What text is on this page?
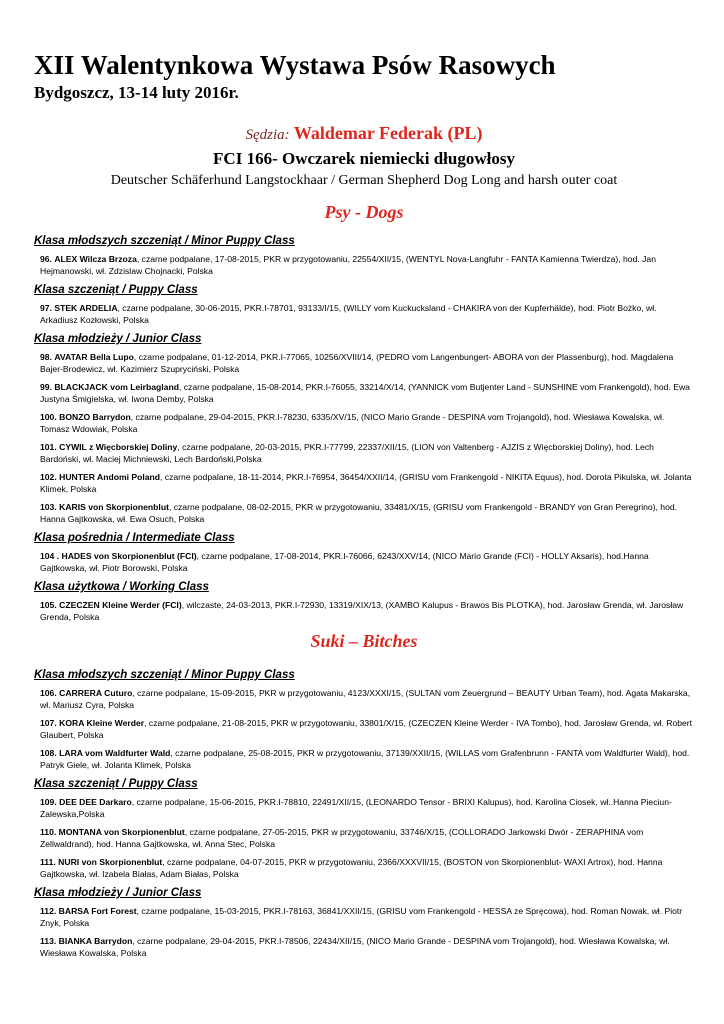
XII Walentynkowa Wystawa Psów Rasowych
Bydgoszcz, 13-14 luty 2016r.
Sędzia: Waldemar Federak (PL)
FCI 166- Owczarek niemiecki długowłosy
Deutscher Schäferhund Langstockhaar / German Shepherd Dog Long and harsh outer coat
Psy - Dogs
Klasa młodszych szczeniąt / Minor Puppy Class

96. ALEX Wilcza Brzoza, czarne podpalane, 17-08-2015, PKR w przygotowaniu, 22554/XII/15, (WENTYL Nova-Langfuhr - FANTA Kamienna Twierdza), hod. Jan Hejmanowski, wł. Zdzislaw Chojnacki, Polska

Klasa szczeniąt / Puppy Class

97. STEK ARDELIA, czarne podpalane, 30-06-2015, PKR.I-78701, 93133/I/15, (WILLY vom Kuckucksland - CHAKIRA von der Kupferhälde), hod. Piotr Bożko, wł. Arkadiusz Kozłowski, Polska

Klasa młodzieży / Junior Class

98. AVATAR Bella Lupo, czarne podpalane, 01-12-2014, PKR.I-77065, 10256/XVIII/14, (PEDRO vom Langenbungert- ABORA von der Plassenburg), hod. Magdalena Bajer-Brodewicz, wł. Kazimierz Szupryciński, Polska

99. BLACKJACK vom Leirbagland, czarne podpalane, 15-08-2014, PKR.I-76055, 33214/X/14, (YANNICK vom Butjenter Land - SUNSHINE vom Frankengold), hod. Ewa Justyna Śmigielska, wł. Iwona Demby, Polska

100. BONZO Barrydon, czarne podpalane, 29-04-2015, PKR.I-78230, 6335/XV/15, (NICO Mario Grande - DESPINA vom Trojangold), hod. Wiesława Kowalska, wł. Tomasz Wdowiak, Polska

101. CYWIL z Więcborskiej Doliny, czarne podpalane, 20-03-2015, PKR.I-77799, 22337/XII/15, (LION von Valtenberg - AJZIS z Więcborskiej Doliny), hod. Lech Bardoński, wł. Maciej Michniewski, Lech Bardoński,Polska

102. HUNTER Andomi Poland, czarne podpalane, 18-11-2014, PKR.I-76954, 36454/XXII/14, (GRISU vom Frankengold - NIKITA Equus), hod. Dorota Pikulska, wł. Jolanta Klimek, Polska

103. KARIS von Skorpionenblut, czarne podpalane, 08-02-2015, PKR w przygotowaniu, 33481/X/15, (GRISU vom Frankengold - BRANDY von Gran Peregrino), hod. Hanna Gajtkowska, wł. Ewa Osuch, Polska

Klasa pośrednia / Intermediate Class

104 . HADES von Skorpionenblut (FCI), czarne podpalane, 17-08-2014, PKR.I-76066, 6243/XXV/14, (NICO Mario Grande (FCI) - HOLLY Aksaris), hod.Hanna Gajtkowska, wł. Piotr Borowski, Polska

Klasa użytkowa / Working Class

105. CZECZEN Kleine Werder (FCI), wilczaste, 24-03-2013, PKR.I-72930, 13319/XIX/13, (XAMBO Kalupus - Brawos Bis PLOTKA), hod. Jarosław Grenda, wł. Jarosław Grenda, Polska

Suki – Bitches
Klasa młodszych szczeniąt / Minor Puppy Class

106. CARRERA Cuturo, czarne podpalane, 15-09-2015, PKR w przygotowaniu, 4123/XXXI/15, (SULTAN vom Zeuergrund – BEAUTY Urban Team), hod. Agata Makarska, wł. Mariusz Cyra, Polska

107. KORA Kleine Werder, czarne podpalane, 21-08-2015, PKR w przygotowaniu, 33801/X/15, (CZECZEN Kleine Werder - IVA Tombo), hod. Jarosław Grenda, wł. Robert Glaubert, Polska

108. LARA vom Waldfurter Wald, czarne podpalane, 25-08-2015, PKR w przygotowaniu, 37139/XXII/15, (WILLAS vom Grafenbrunn - FANTA vom Waldfurter Wald), hod. Patryk Giele, wł. Jolanta Klimek, Polska

Klasa szczeniąt / Puppy Class

109. DEE DEE Darkaro, czarne podpalane, 15-06-2015, PKR.I-78810, 22491/XII/15, (LEONARDO Tensor - BRIXI Kalupus), hod. Karolina Ciosek, wł..Hanna Pieciun-Zalewska,Polska

110. MONTANA von Skorpionenblut, czarne podpalane, 27-05-2015, PKR w przygotowaniu, 33746/X/15, (COLLORADO Jarkowski Dwór - ZERAPHINA vom Zellwaldrand), hod. Hanna Gajtkowska, wł. Anna Stec, Polska

111. NURI von Skorpionenblut, czarne podpalane, 04-07-2015, PKR w przygotowaniu, 2366/XXXVII/15, (BOSTON von Skorpionenblut- WAXI Artrox), hod. Hanna Gajtkowska, wł. Izabela Białas, Adam Białas, Polska

Klasa młodzieży / Junior Class

112. BARSA Fort Forest, czarne podpalane, 15-03-2015, PKR.I-78163, 36841/XXII/15, (GRISU vom Frankengold - HESSA ze Spręcowa), hod. Roman Nowak, wł. Piotr Znyk, Polska

113. BIANKA Barrydon, czarne podpalane, 29-04-2015, PKR.I-78506, 22434/XII/15, (NICO Mario Grande - DESPINA vom Trojangold), hod. Wiesława Kowalska, wł. Wiesława Kowalska, Polska
